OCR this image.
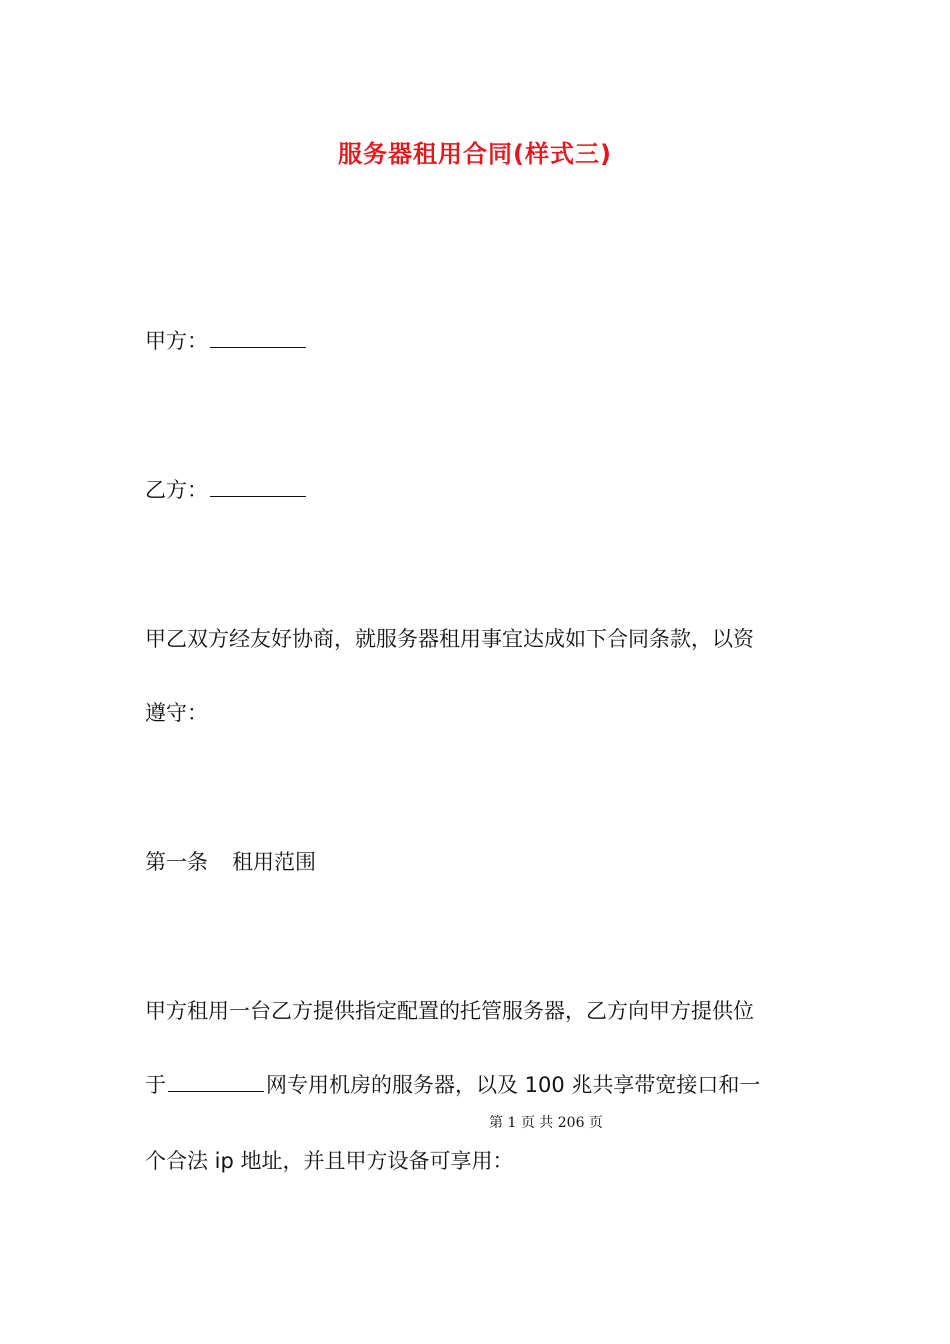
服务器租用合同(样式三)
甲方：
乙方：
甲乙双方经友好协商，就服务器租用事宜达成如下合同条款，以资
遵守：
第一条 租用范围
甲方租用一台乙方提供指定配置的托管服务器，乙方向甲方提供位
于	网专用机房的服务器，以及 100 兆共享带宽接口和一
第 1 页 共 206 页
个合法 ip 地址，并且甲方设备可享用：
